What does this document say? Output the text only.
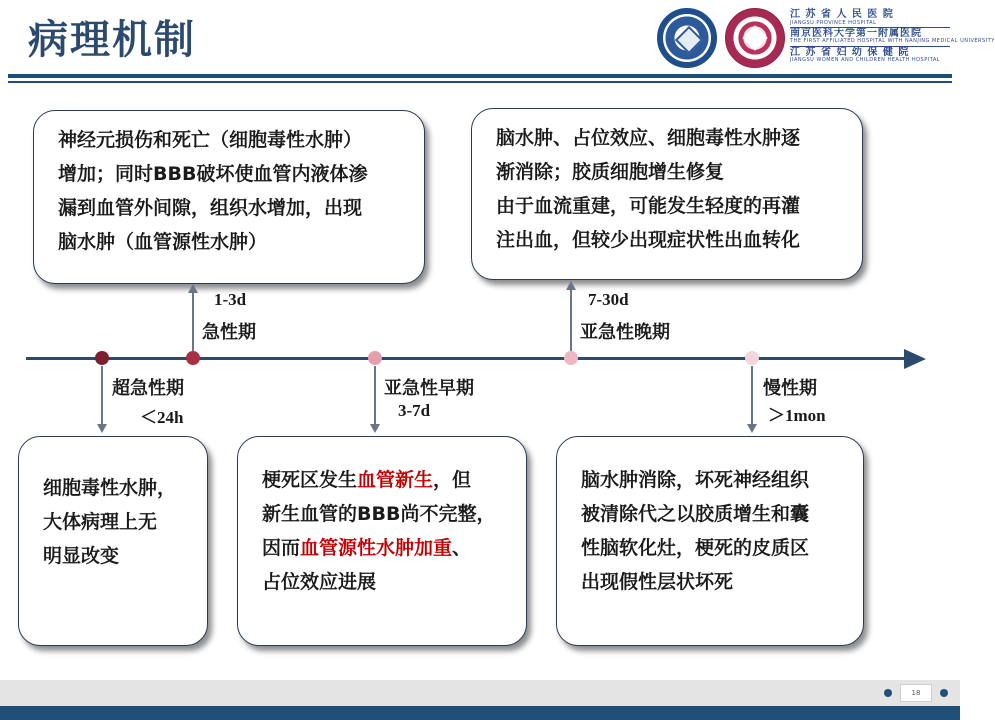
病理机制
江 苏 省 人 民 医 院
JIANGSU PROVINCE HOSPITAL
南京医科大学第一附属医院
THE FIRST AFFILIATED HOSPITAL WITH NANJING MEDICAL UNIVERSITY
江 苏 省 妇 幼 保 健 院
JIANGSU WOMEN AND CHILDREN HEALTH HOSPITAL

神经元损伤和死亡（细胞毒性水肿）

增加；同时BBB破坏使血管内液体渗

漏到血管外间隙，组织水增加，出现

脑水肿（血管源性水肿）

脑水肿、占位效应、细胞毒性水肿逐

渐消除；胶质细胞增生修复

由于血流重建，可能发生轻度的再灌

注出血，但较少出现症状性出血转化

超急性期
＜24h
1-3d
急性期
亚急性早期
3-7d
7-30d
亚急性晚期
慢性期
＞1mon

细胞毒性水肿，

大体病理上无

明显改变

梗死区发生血管新生，但

新生血管的BBB尚不完整，

因而血管源性水肿加重、

占位效应进展

脑水肿消除，坏死神经组织

被清除代之以胶质增生和囊

性脑软化灶，梗死的皮质区

出现假性层状坏死

18
